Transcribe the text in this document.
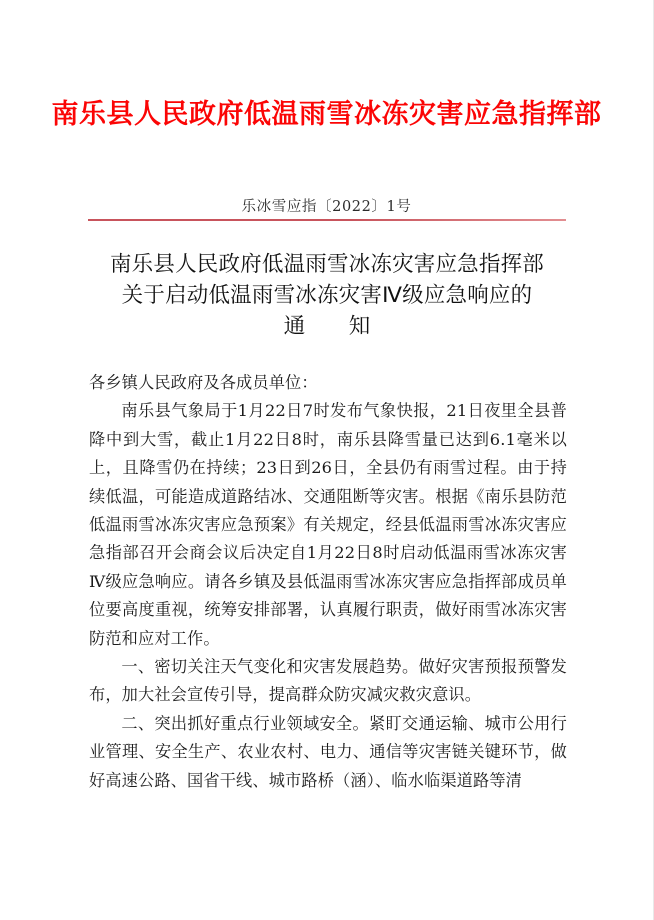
南乐县人民政府低温雨雪冰冻灾害应急指挥部
乐冰雪应指〔2022〕1号
南乐县人民政府低温雨雪冰冻灾害应急指挥部
关于启动低温雨雪冰冻灾害Ⅳ级应急响应的
通　　知

各乡镇人民政府及各成员单位：

南乐县气象局于1月22日7时发布气象快报，21日夜里全县普降中到大雪，截止1月22日8时，南乐县降雪量已达到6.1毫米以上，且降雪仍在持续；23日到26日，全县仍有雨雪过程。由于持续低温，可能造成道路结冰、交通阻断等灾害。根据《南乐县防范低温雨雪冰冻灾害应急预案》有关规定，经县低温雨雪冰冻灾害应急指部召开会商会议后决定自1月22日8时启动低温雨雪冰冻灾害Ⅳ级应急响应。请各乡镇及县低温雨雪冰冻灾害应急指挥部成员单位要高度重视，统筹安排部署，认真履行职责，做好雨雪冰冻灾害防范和应对工作。

一、密切关注天气变化和灾害发展趋势。做好灾害预报预警发布，加大社会宣传引导，提高群众防灾减灾救灾意识。

二、突出抓好重点行业领域安全。紧盯交通运输、城市公用行业管理、安全生产、农业农村、电力、通信等灾害链关键环节，做好高速公路、国省干线、城市路桥（涵）、临水临渠道路等清
